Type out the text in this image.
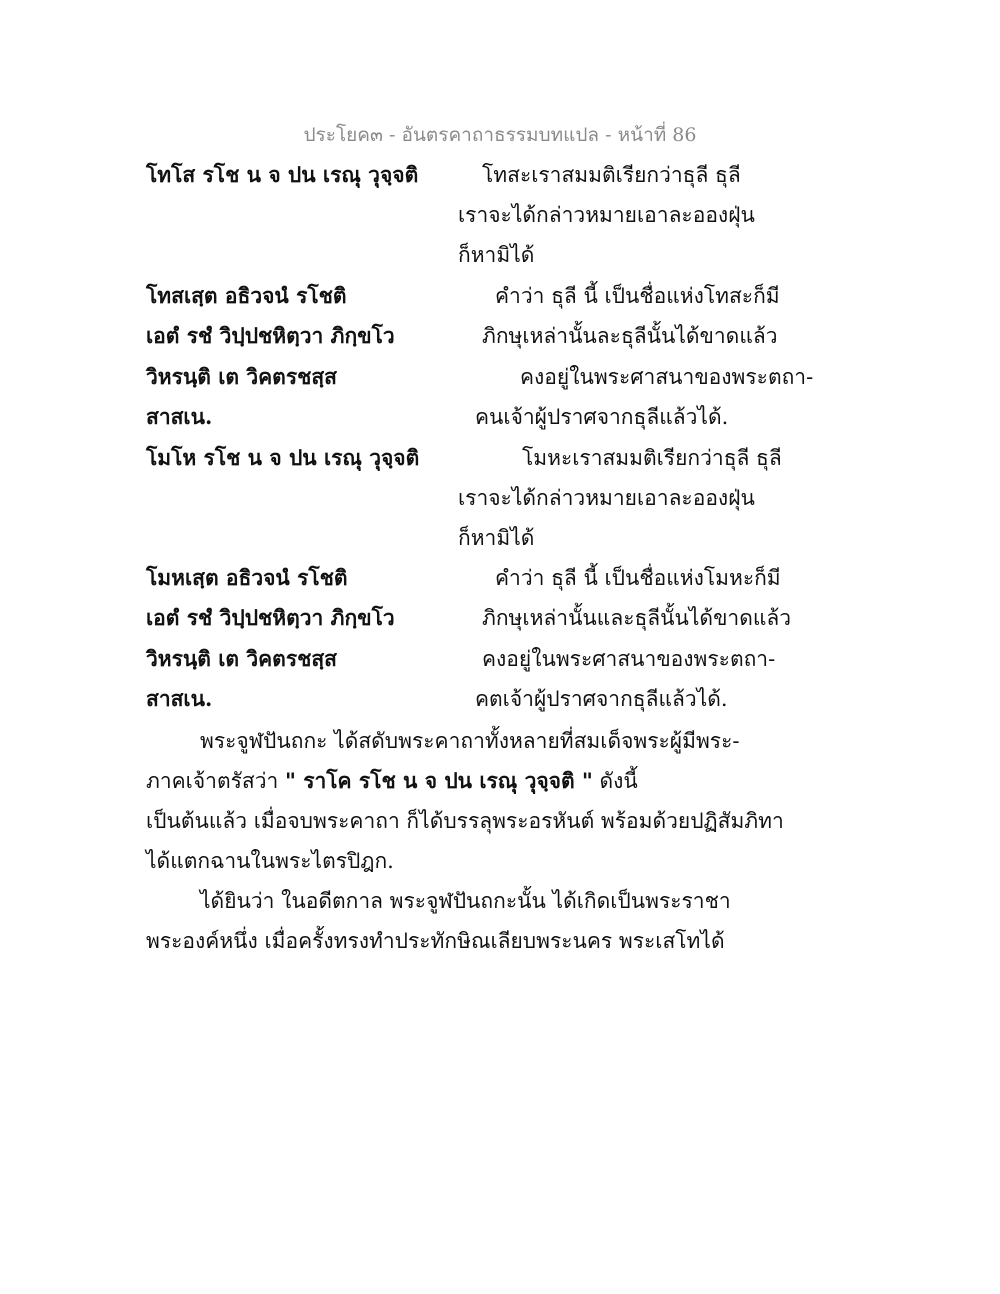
ประโยค๓ - อันตรคาถาธรรมบทแปล - หน้าที่ 86
โทโส รโช น จ ปน เรณุ วุจฺจติ	โทสะเราสมมติเรียกว่าธุลี ธุลี
เราจะได้กล่าวหมายเอาละอองฝุ่น
ก็หามิได้
โทสเสฺต อธิวจนํ รโชติ	คำว่า ธุลี นี้ เป็นชื่อแห่งโทสะก็มี
เอตํ รชํ วิปฺปชหิตฺวา ภิกฺขโว	ภิกษุเหล่านั้นละธุลีนั้นได้ขาดแล้ว
วิหรนฺติ เต วิคตรชสฺส	คงอยู่ในพระศาสนาของพระตถา-
สาสเน.	คนเจ้าผู้ปราศจากธุลีแล้วได้.
โมโห รโช น จ ปน เรณุ วุจฺจติ	โมหะเราสมมติเรียกว่าธุลี ธุลี
เราจะได้กล่าวหมายเอาละอองฝุ่น
ก็หามิได้
โมหเสฺต อธิวจนํ รโชติ	คำว่า ธุลี นี้ เป็นชื่อแห่งโมหะก็มี
เอตํ รชํ วิปฺปชหิตฺวา ภิกฺขโว	ภิกษุเหล่านั้นและธุลีนั้นได้ขาดแล้ว
วิหรนฺติ เต วิคตรชสฺส	คงอยู่ในพระศาสนาของพระตถา-
สาสเน.	คตเจ้าผู้ปราศจากธุลีแล้วได้.
พระจูฬปันถกะ ได้สดับพระคาถาทั้งหลายที่สมเด็จพระผู้มีพระ-
ภาคเจ้าตรัสว่า " ราโค รโช น จ ปน เรณุ วุจฺจติ " ดังนี้
เป็นต้นแล้ว เมื่อจบพระคาถา ก็ได้บรรลุพระอรหันต์ พร้อมด้วยปฏิสัมภิทา
ได้แตกฉานในพระไตรปิฎก.
ได้ยินว่า ในอดีตกาล พระจูฬปันถกะนั้น ได้เกิดเป็นพระราชา
พระองค์หนึ่ง เมื่อครั้งทรงทำประทักษิณเลียบพระนคร พระเสโทได้
